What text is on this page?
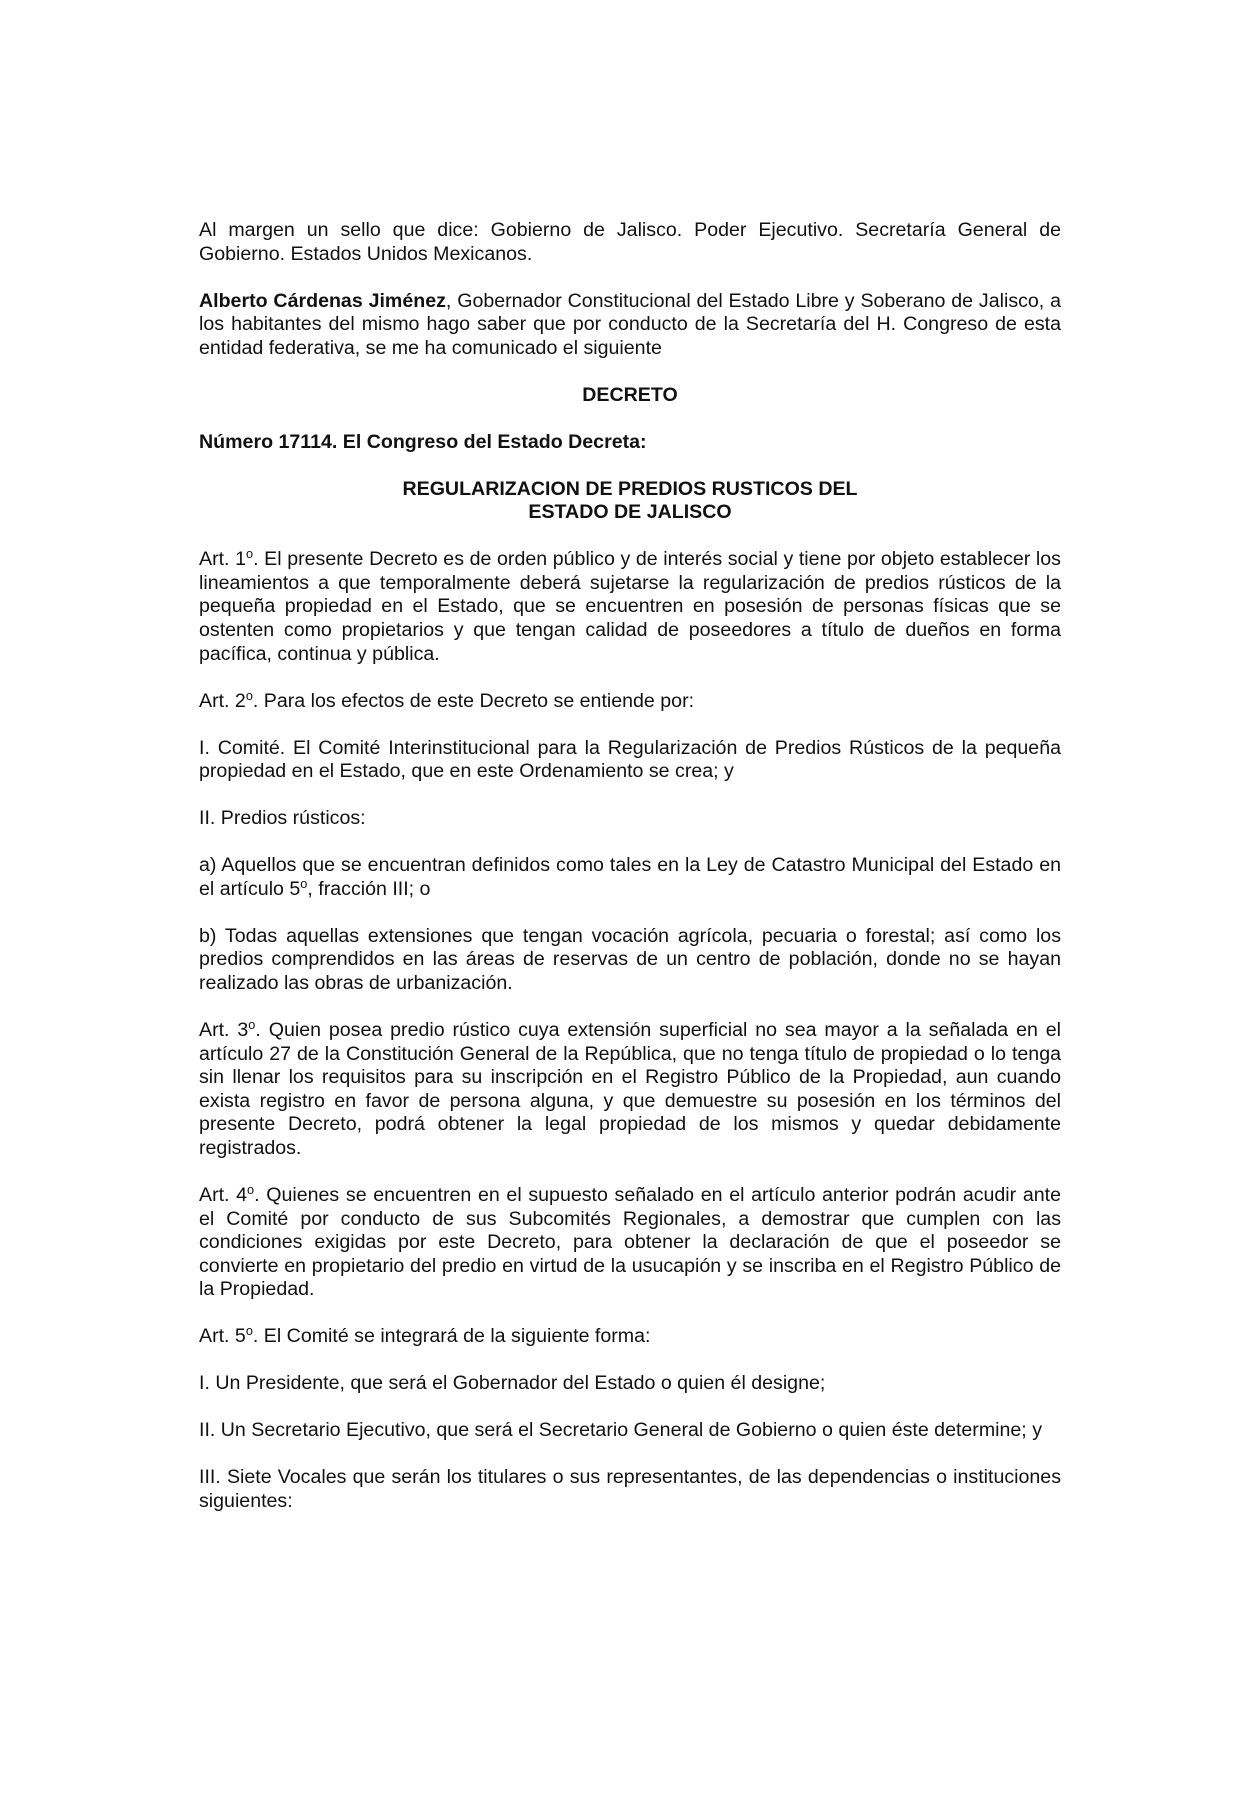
Al margen un sello que dice: Gobierno de Jalisco. Poder Ejecutivo. Secretaría General de Gobierno. Estados Unidos Mexicanos.

Alberto Cárdenas Jiménez, Gobernador Constitucional del Estado Libre y Soberano de Jalisco, a los habitantes del mismo hago saber que por conducto de la Secretaría del H. Congreso de esta entidad federativa, se me ha comunicado el siguiente

DECRETO

Número 17114. El Congreso del Estado Decreta:

REGULARIZACION DE PREDIOS RUSTICOS DEL
ESTADO DE JALISCO

Art. 1$^o$. El presente Decreto es de orden público y de interés social y tiene por objeto establecer los lineamientos a que temporalmente deberá sujetarse la regularización de predios rústicos de la pequeña propiedad en el Estado, que se encuentren en posesión de personas físicas que se ostenten como propietarios y que tengan calidad de poseedores a título de dueños en forma pacífica, continua y pública.

Art. 2$^o$. Para los efectos de este Decreto se entiende por:

I. Comité. El Comité Interinstitucional para la Regularización de Predios Rústicos de la pequeña propiedad en el Estado, que en este Ordenamiento se crea; y

II. Predios rústicos:

a) Aquellos que se encuentran definidos como tales en la Ley de Catastro Municipal del Estado en el artículo 5$^o$, fracción III; o

b) Todas aquellas extensiones que tengan vocación agrícola, pecuaria o forestal; así como los predios comprendidos en las áreas de reservas de un centro de población, donde no se hayan realizado las obras de urbanización.

Art. 3$^o$. Quien posea predio rústico cuya extensión superficial no sea mayor a la señalada en el artículo 27 de la Constitución General de la República, que no tenga título de propiedad o lo tenga sin llenar los requisitos para su inscripción en el Registro Público de la Propiedad, aun cuando exista registro en favor de persona alguna, y que demuestre su posesión en los términos del presente Decreto, podrá obtener la legal propiedad de los mismos y quedar debidamente registrados.

Art. 4$^o$. Quienes se encuentren en el supuesto señalado en el artículo anterior podrán acudir ante el Comité por conducto de sus Subcomités Regionales, a demostrar que cumplen con las condiciones exigidas por este Decreto, para obtener la declaración de que el poseedor se convierte en propietario del predio en virtud de la usucapión y se inscriba en el Registro Público de la Propiedad.

Art. 5$^o$. El Comité se integrará de la siguiente forma:

I. Un Presidente, que será el Gobernador del Estado o quien él designe;

II. Un Secretario Ejecutivo, que será el Secretario General de Gobierno o quien éste determine; y

III. Siete Vocales que serán los titulares o sus representantes, de las dependencias o instituciones siguientes:
